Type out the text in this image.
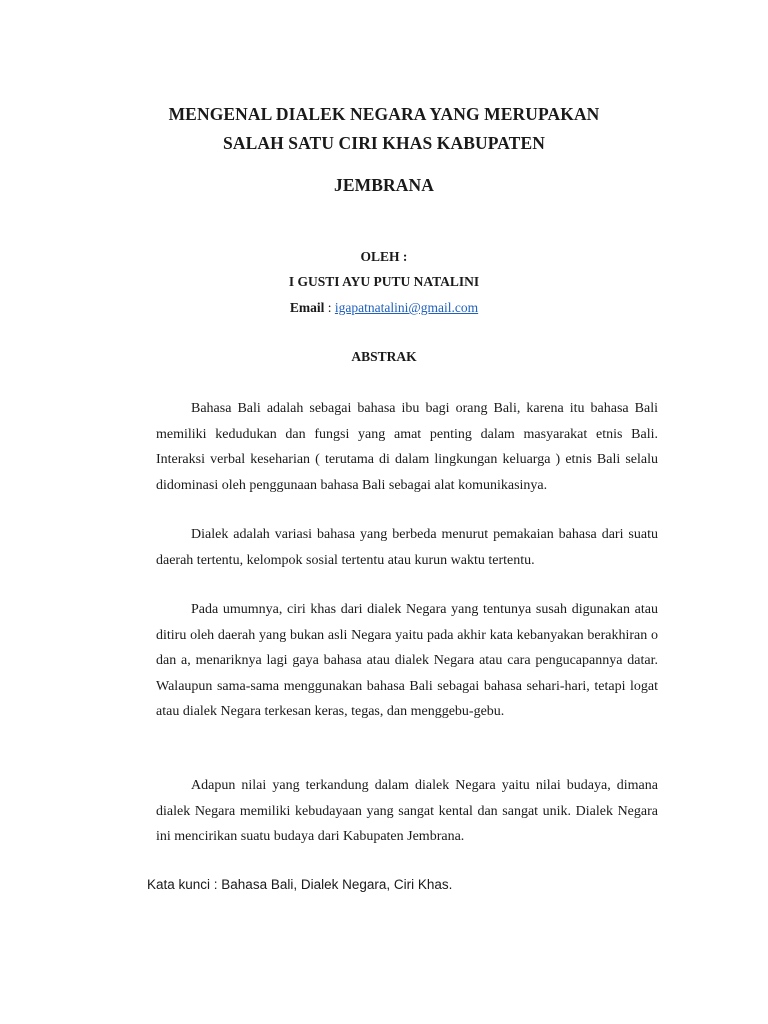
MENGENAL DIALEK NEGARA YANG MERUPAKAN
SALAH SATU CIRI KHAS KABUPATEN
JEMBRANA
OLEH :
I GUSTI AYU PUTU NATALINI
Email : igapatnatalini@gmail.com
ABSTRAK

Bahasa Bali adalah sebagai bahasa ibu bagi orang Bali, karena itu bahasa Bali memiliki kedudukan dan fungsi yang amat penting dalam masyarakat etnis Bali. Interaksi verbal keseharian ( terutama di dalam lingkungan keluarga ) etnis Bali selalu didominasi oleh penggunaan bahasa Bali sebagai alat komunikasinya.

Dialek adalah variasi bahasa yang berbeda menurut pemakaian bahasa dari suatu daerah tertentu, kelompok sosial tertentu atau kurun waktu tertentu.

Pada umumnya, ciri khas dari dialek Negara yang tentunya susah digunakan atau ditiru oleh daerah yang bukan asli Negara yaitu pada akhir kata kebanyakan berakhiran o dan a, menariknya lagi gaya bahasa atau dialek Negara atau cara pengucapannya datar. Walaupun sama-sama menggunakan bahasa Bali sebagai bahasa sehari-hari, tetapi logat atau dialek Negara terkesan keras, tegas, dan menggebu-gebu.

Adapun nilai yang terkandung dalam dialek Negara yaitu nilai budaya, dimana dialek Negara memiliki kebudayaan yang sangat kental dan sangat unik. Dialek Negara ini mencirikan suatu budaya dari Kabupaten Jembrana.

Kata kunci : Bahasa Bali, Dialek Negara, Ciri Khas.
